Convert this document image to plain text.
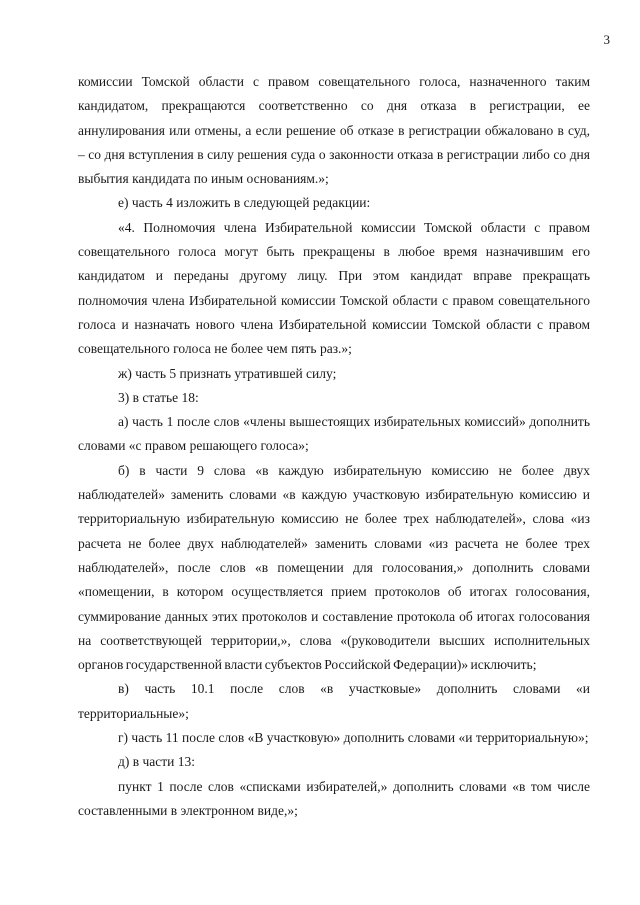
3

комиссии Томской области с правом совещательного голоса, назначенного таким кандидатом, прекращаются соответственно со дня отказа в регистрации, ее аннулирования или отмены, а если решение об отказе в регистрации обжаловано в суд, – со дня вступления в силу решения суда о законности отказа в регистрации либо со дня выбытия кандидата по иным основаниям.»;

е) часть 4 изложить в следующей редакции:

«4. Полномочия члена Избирательной комиссии Томской области с правом совещательного голоса могут быть прекращены в любое время назначившим его кандидатом и переданы другому лицу. При этом кандидат вправе прекращать полномочия члена Избирательной комиссии Томской области с правом совещательного голоса и назначать нового члена Избирательной комиссии Томской области с правом совещательного голоса не более чем пять раз.»;

ж) часть 5 признать утратившей силу;

3) в статье 18:

а) часть 1 после слов «члены вышестоящих избирательных комиссий» дополнить словами «с правом решающего голоса»;

б) в части 9 слова «в каждую избирательную комиссию не более двух наблюдателей» заменить словами «в каждую участковую избирательную комиссию и территориальную избирательную комиссию не более трех наблюдателей», слова «из расчета не более двух наблюдателей» заменить словами «из расчета не более трех наблюдателей», после слов «в помещении для голосования,» дополнить словами «помещении, в котором осуществляется прием протоколов об итогах голосования, суммирование данных этих протоколов и составление протокола об итогах голосования на соответствующей территории,», слова «(руководители высших исполнительных органов государственной власти субъектов Российской Федерации)» исключить;

в) часть 10.1 после слов «в участковые» дополнить словами «и территориальные»;

г) часть 11 после слов «В участковую» дополнить словами «и территориальную»;

д) в части 13:

пункт 1 после слов «списками избирателей,» дополнить словами «в том числе составленными в электронном виде,»;
